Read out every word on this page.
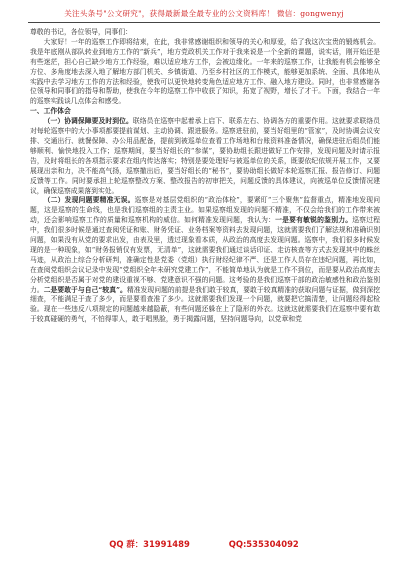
关注头条号"公文研究"，获得最新最全最专业的公文资料库！ 微信：gongwenyj

尊敬的书记，各位领导，同事们：

大家好！一年的巡察工作即将结束，在此，我非常感谢组织和领导的关心和厚爱，给了我这次宝贵的锻炼机会。我是年底刚从部队转业到地方工作的“新兵”，地方党政机关工作对于我来说是一个全新的课题，说实话，刚开始还是有些迷茫，担心自己缺少地方工作经验，难以适应地方工作，会被边缘化。一年来的巡察工作，让我能有机会能够全方位、多角度地去深入地了解地方部门机关、乡镇街道、乃至乡村社区的工作模式，能够更加系统、全面、具体地从实践中去学习地方工作的方法和经验，使我可以更快地转变角色适应地方工作、融入地方建设。同时，也非常感谢各位领导和同事们的指导和帮助，使我在今年的巡察工作中收获了知识，拓宽了视野，增长了才干。下面，我结合一年的巡察实践谈几点体会和感受。

一、工作体会

（一）协调保障要及时到位。联络员在巡察中起着承上启下、联系左右、协调各方的重要作用。这就要求联络员对每轮巡察中的大小事项都要提前谋划、主动协调、跟进服务。巡察进驻前，要当好组里的“管家”，及时协调会议安排、交通出行、就餐保障、办公用品配备，提前到被巡单位查看工作场地和台账资料准备情况，确保进驻后组员们能够顺利、愉快地投入工作；巡察期间，要当好组长的“参谋”，要协助组长跟进做好工作安排，发现问题及时请示报告，及时将组长的各项指示要求在组内传达落实；特别是要处理好与被巡单位的关系，既要依纪依规开展工作，又要展现出亲和力，决不能高气扬，巡察撤出后，要当好组长的“秘书”，要协助组长做好本轮巡察汇报、报告修订、问题反馈等工作。同时要承担上轮巡察整改方案、整改报告的初审把关，问题反馈的具体建议，向被巡单位反馈情况建议，确保巡察成果落到实处。

（二）发现问题要精准无误。巡察是对基层党组织的“政治体检”，要紧盯“三个聚焦”监督重点，精准地发现问题，这是巡察的生命线，也是我们巡察组的主责主业。如果巡察组发现的问题不精准，不仅会给我们的工作带来被动，还会影响巡察工作的质量和巡察机构的威信。如何精准发现问题，我认为：一是要有敏锐的鉴别力。巡察过程中，我们很多时候是通过查阅凭证和账、财务凭证、业务档案等资料去发现问题，这就需要我们了解法规和准确识别问题，如果没有从党的要求出发，由表及里，透过现象看本质，从政治的高度去发现问题。巡察中，我们很多时候发现的是一种现象，如“财务报销仅有发票，无清单”，这就需要我们通过谈话印证、走访核查等方式去发现其中的蛛丝马迹，从政治上综合分析研判，准确定性是党委（党组）执行财经纪律不严、还是工作人员存在违纪问题，再比如，在查阅党组织会议记录中发现“党组织全年未研究党建工作”，不能简单地认为就是工作不到位，而是要从政治高度去分析党组织是否属于对党的建设重视不够、党建意识不强的问题。这考验的是我们巡察干部的政治敏感性和政治鉴别力。二是要敢于与自己“较真”。精准发现问题的前提是我们敢于较真，要敢于较真精准的获取问题与证据，做到深挖细查，不能满足于查了多少，而是要看查准了多少。这就需要我们发现一个问题，就要把它搞清楚，让问题经得起检验。现在一些违反八项规定的问题越来越隐蔽，有些问题还躲在上了隐形的外衣。这就这就需要我们在巡察中要有敢于较真碰硬的勇气，不怕得罪人，敢于唱黑脸，勇于揭露问题，坚持问题导向，以党章和党

QQ 群：31991489	QQ:535304092
